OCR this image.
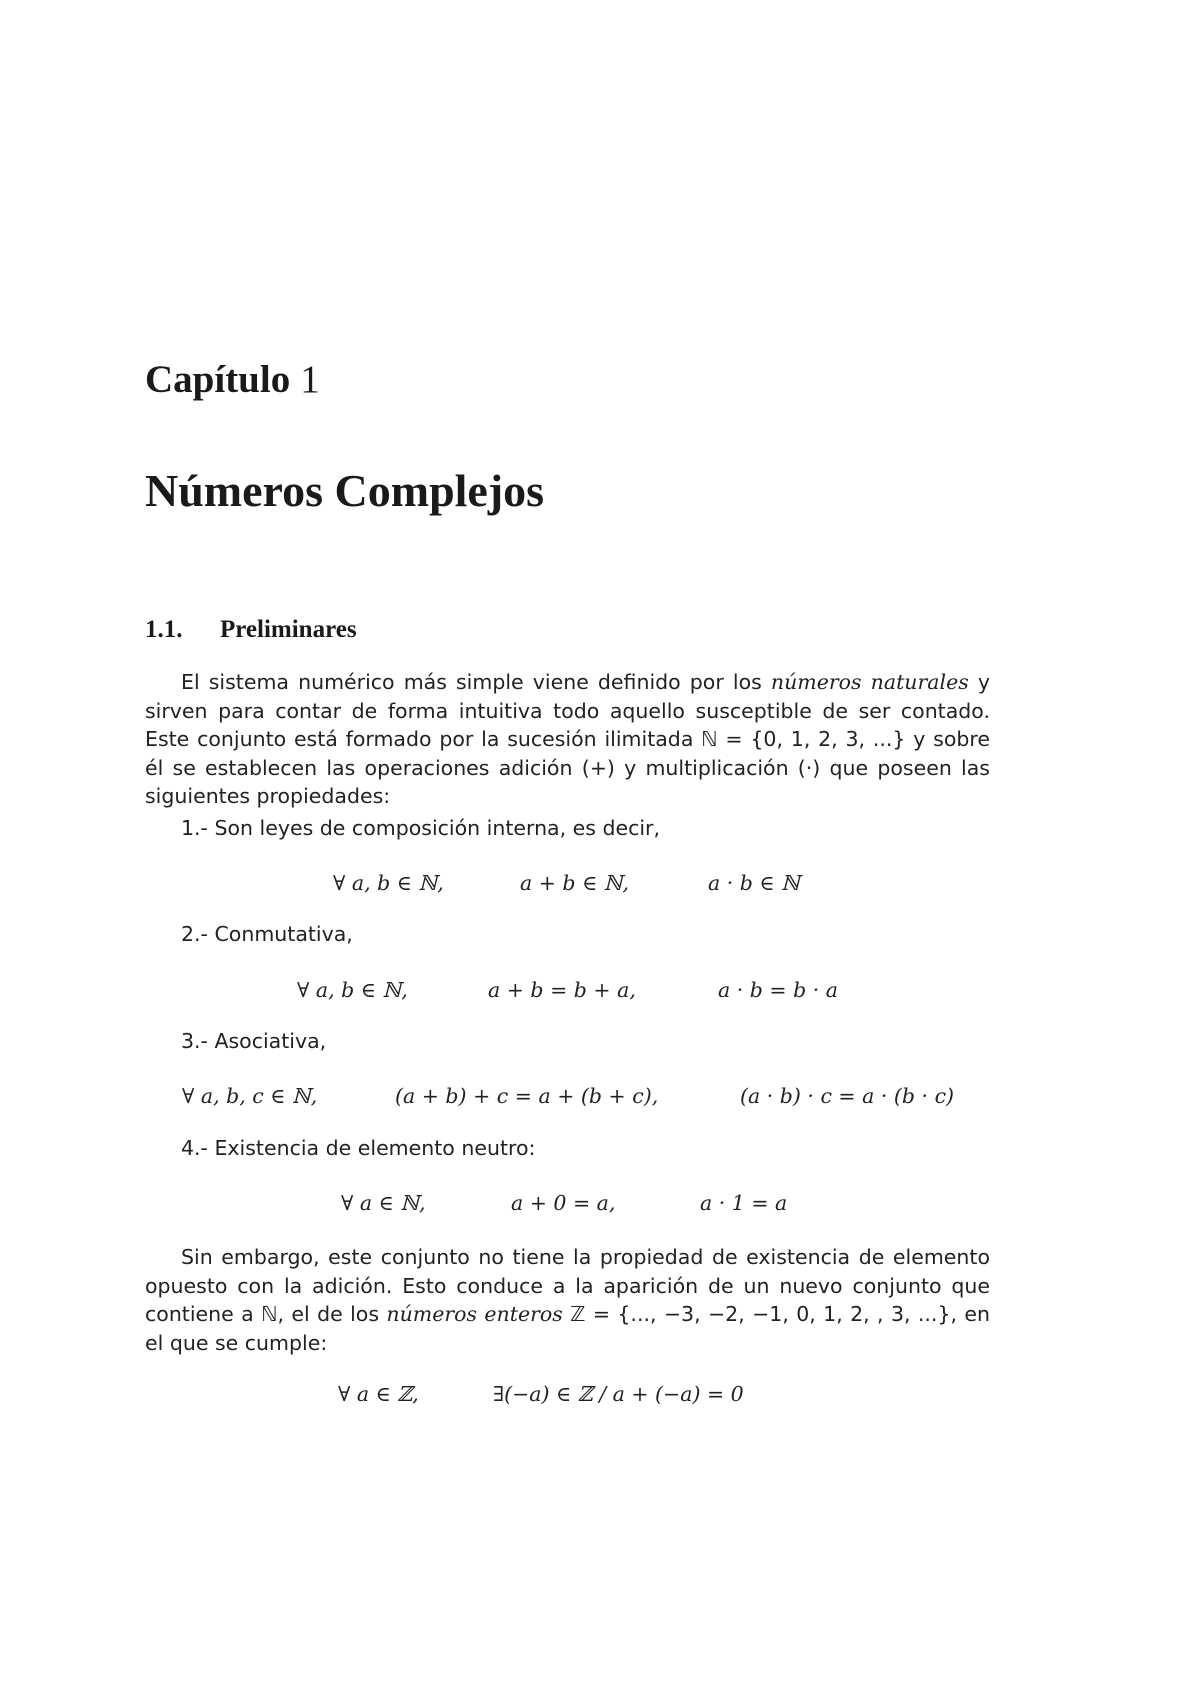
Capítulo 1
Números Complejos
1.1. Preliminares
El sistema numérico más simple viene definido por los números naturales y sirven para contar de forma intuitiva todo aquello susceptible de ser contado. Este conjunto está formado por la sucesión ilimitada ℕ = {0, 1, 2, 3, ...} y sobre él se establecen las operaciones adición (+) y multiplicación (·) que poseen las siguientes propiedades:
1.- Son leyes de composición interna, es decir,
∀ a, b ∈ ℕ,	a + b ∈ ℕ,	a · b ∈ ℕ
2.- Conmutativa,
∀ a, b ∈ ℕ,	a + b = b + a,	a · b = b · a
3.- Asociativa,
∀ a, b, c ∈ ℕ,	(a + b) + c = a + (b + c),	(a · b) · c = a · (b · c)
4.- Existencia de elemento neutro:
∀ a ∈ ℕ,	a + 0 = a,	a · 1 = a
Sin embargo, este conjunto no tiene la propiedad de existencia de elemento opuesto con la adición. Esto conduce a la aparición de un nuevo conjunto que contiene a ℕ, el de los números enteros ℤ = {..., −3, −2, −1, 0, 1, 2, , 3, ...}, en el que se cumple:
∀ a ∈ ℤ,	∃(−a) ∈ ℤ / a + (−a) = 0
